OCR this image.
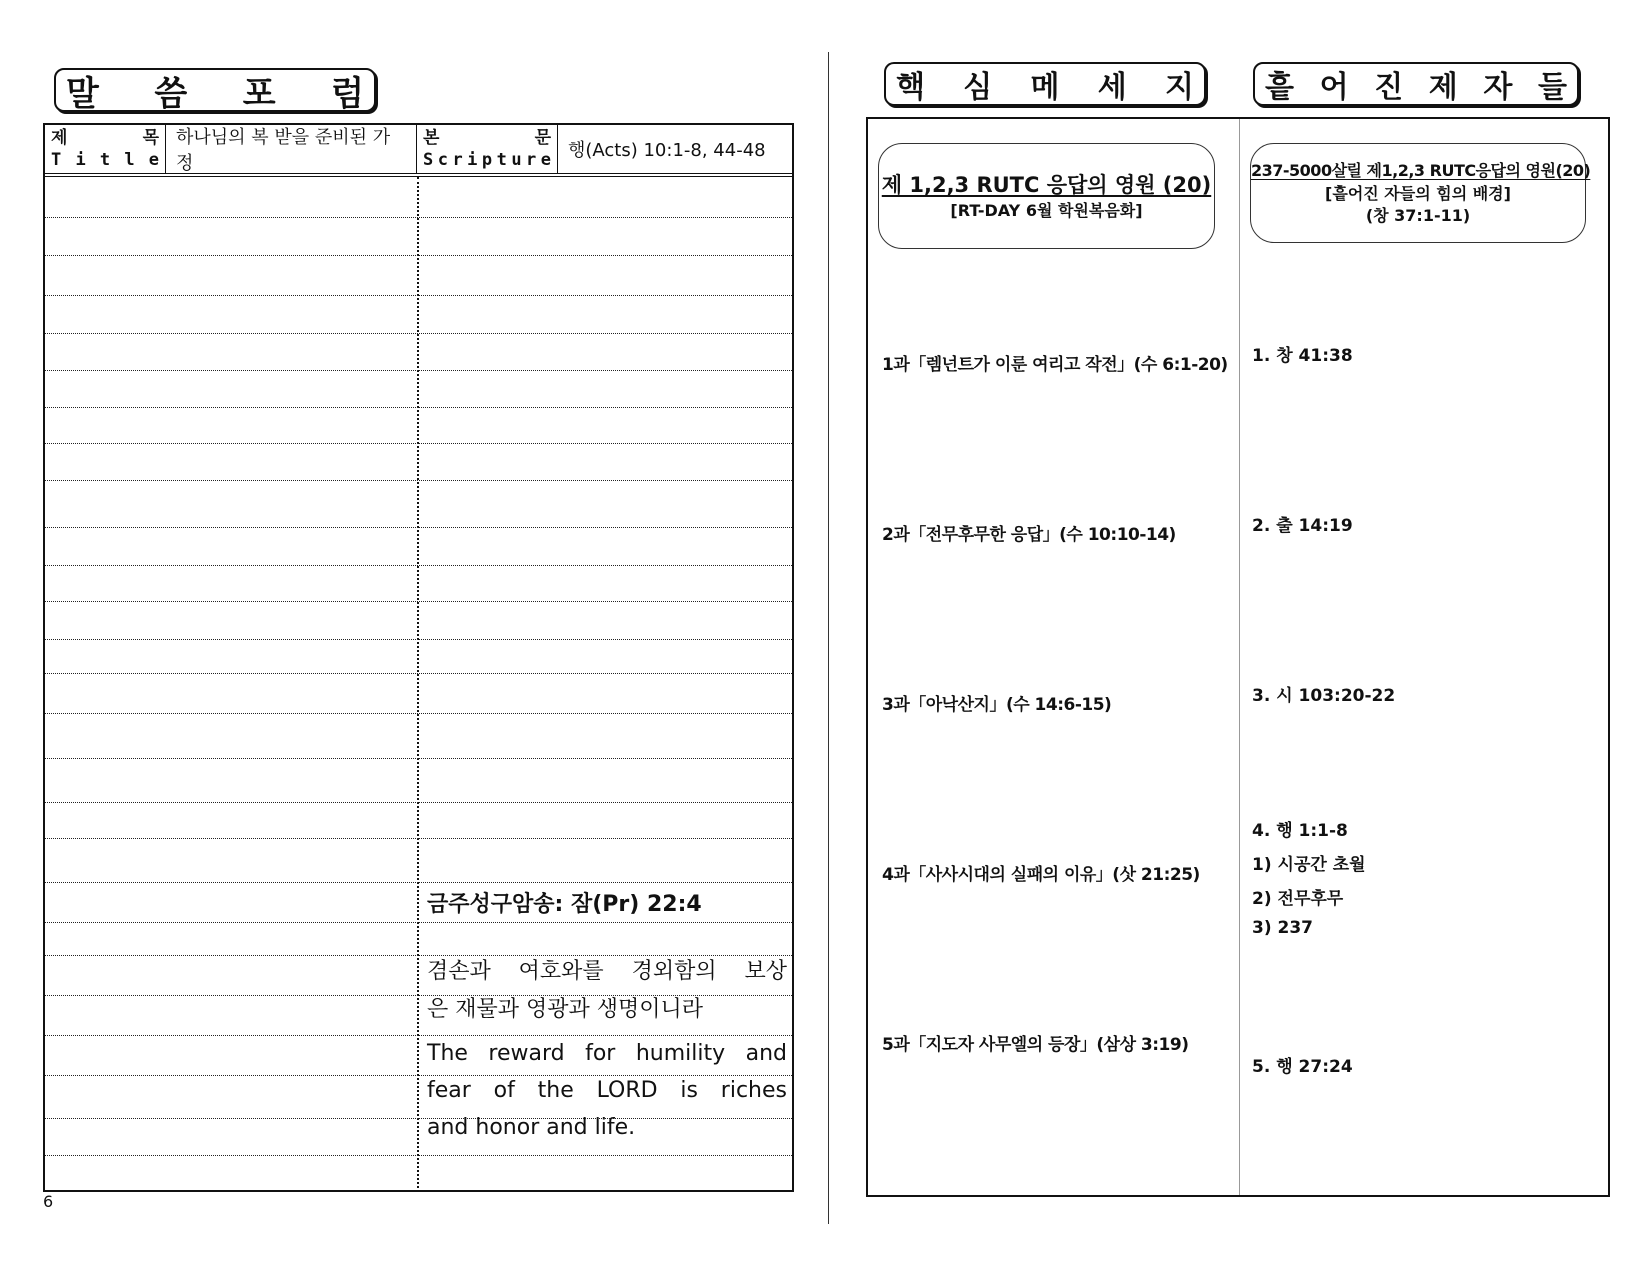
말 씀 포 럼
제	목
T i t l e
하나님의 복 받을 준비된 가정
본	문
S c r i p t u r e 행(Acts) 10:1-8, 44-48
금주성구암송: 잠(Pr) 22:4
겸손과 여호와를 경외함의 보상
은 재물과 영광과 생명이니라
The reward for humility and
fear of the LORD is riches
and honor and life.
6
핵 심 메 세 지 흩 어 진 제 자 들
제 1,2,3 RUTC 응답의 영원 (20)
[RT-DAY 6월 학원복음화]
237-5000살릴 제1,2,3 RUTC응답의 영원(20)
[흩어진 자들의 힘의 배경]
(창 37:1-11)
1과「렘넌트가 이룬 여리고 작전」(수 6:1-20)
2과「전무후무한 응답」(수 10:10-14)
3과「아낙산지」(수 14:6-15)
4과「사사시대의 실패의 이유」(삿 21:25)
5과「지도자 사무엘의 등장」(삼상 3:19)
1. 창 41:38
2. 출 14:19
3. 시 103:20-22
4. 행 1:1-8
1) 시공간 초월
2) 전무후무
3) 237
5. 행 27:24
